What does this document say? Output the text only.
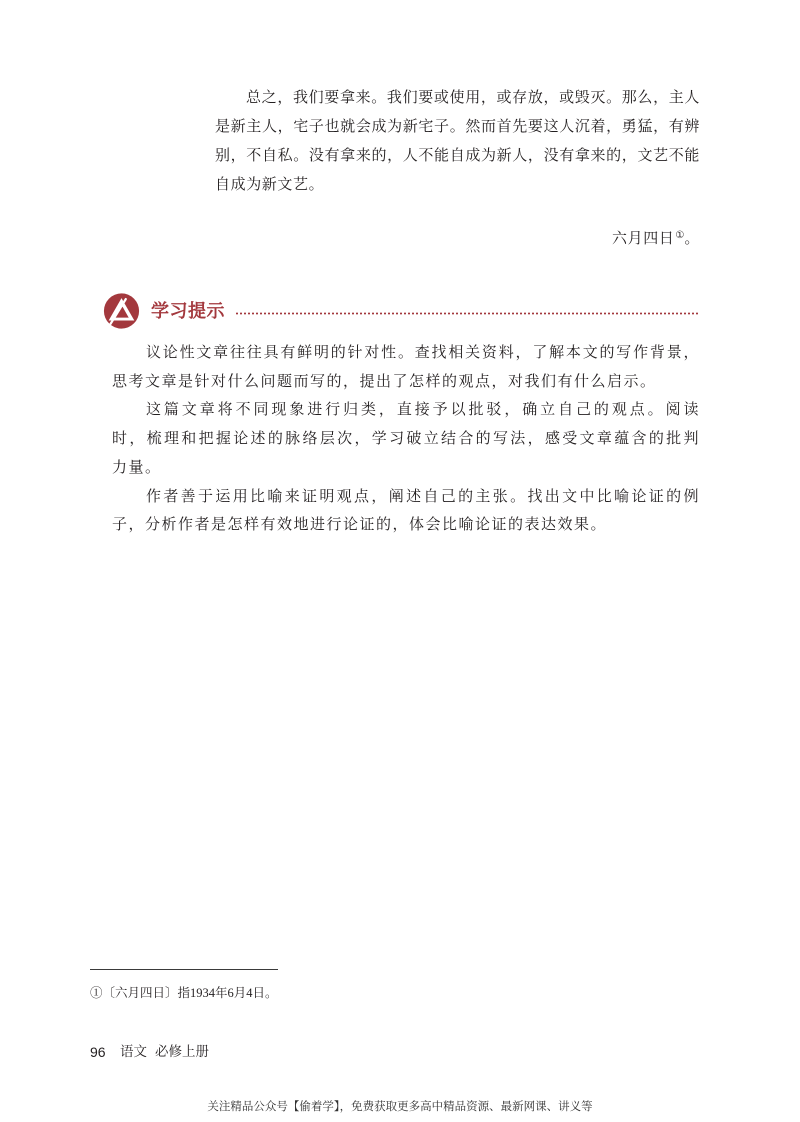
总之，我们要拿来。我们要或使用，或存放，或毁灭。那么，主人
是新主人，宅子也就会成为新宅子。然而首先要这人沉着，勇猛，有辨
别，不自私。没有拿来的，人不能自成为新人，没有拿来的，文艺不能
自成为新文艺。
六月四日①。
学习提示
议论性文章往往具有鲜明的针对性。查找相关资料，了解本文的写作背景，
思考文章是针对什么问题而写的，提出了怎样的观点，对我们有什么启示。
这篇文章将不同现象进行归类，直接予以批驳，确立自己的观点。阅读
时，梳理和把握论述的脉络层次，学习破立结合的写法，感受文章蕴含的批判
力量。
作者善于运用比喻来证明观点，阐述自己的主张。找出文中比喻论证的例
子，分析作者是怎样有效地进行论证的，体会比喻论证的表达效果。
①〔六月四日〕指1934年6月4日。
96 语文 必修上册
关注精品公众号【偷着学】，免费获取更多高中精品资源、最新网课、讲义等
